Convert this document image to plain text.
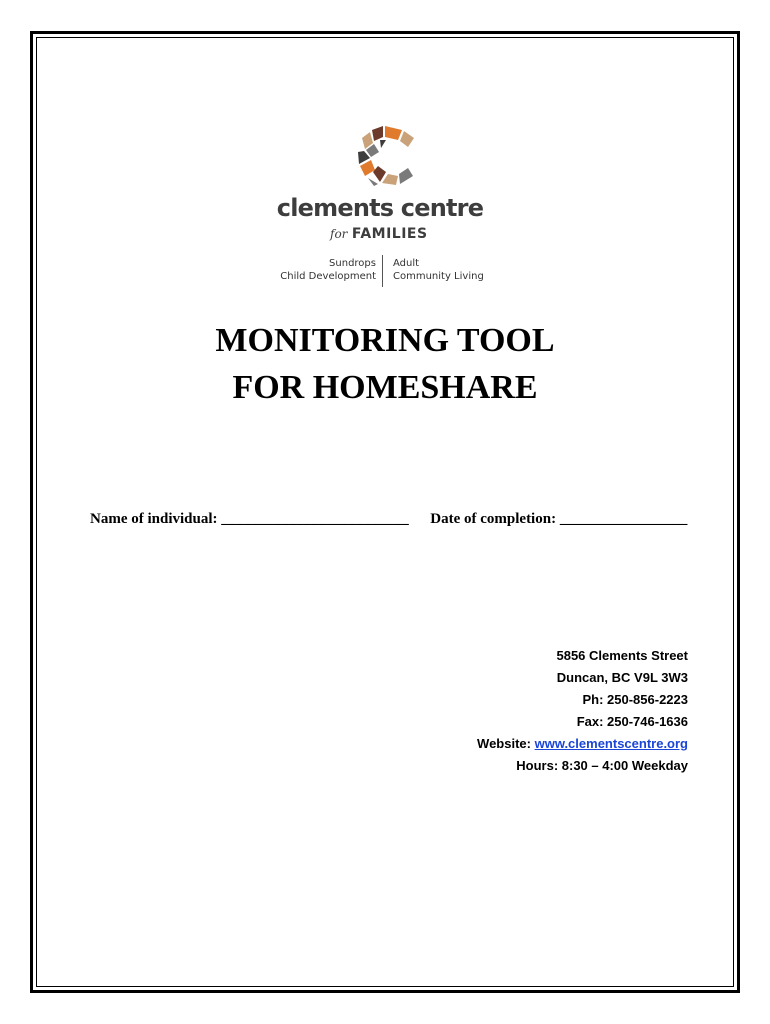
clements centre
for FAMILIES
Sundrops
Child Development
Adult
Community Living
MONITORING TOOL
FOR HOMESHARE
Name of individual: _________________________ Date of completion: _________________
5856 Clements Street
Duncan, BC V9L 3W3
Ph: 250-856-2223
Fax: 250-746-1636
Website: www.clementscentre.org
Hours: 8:30 – 4:00 Weekday
